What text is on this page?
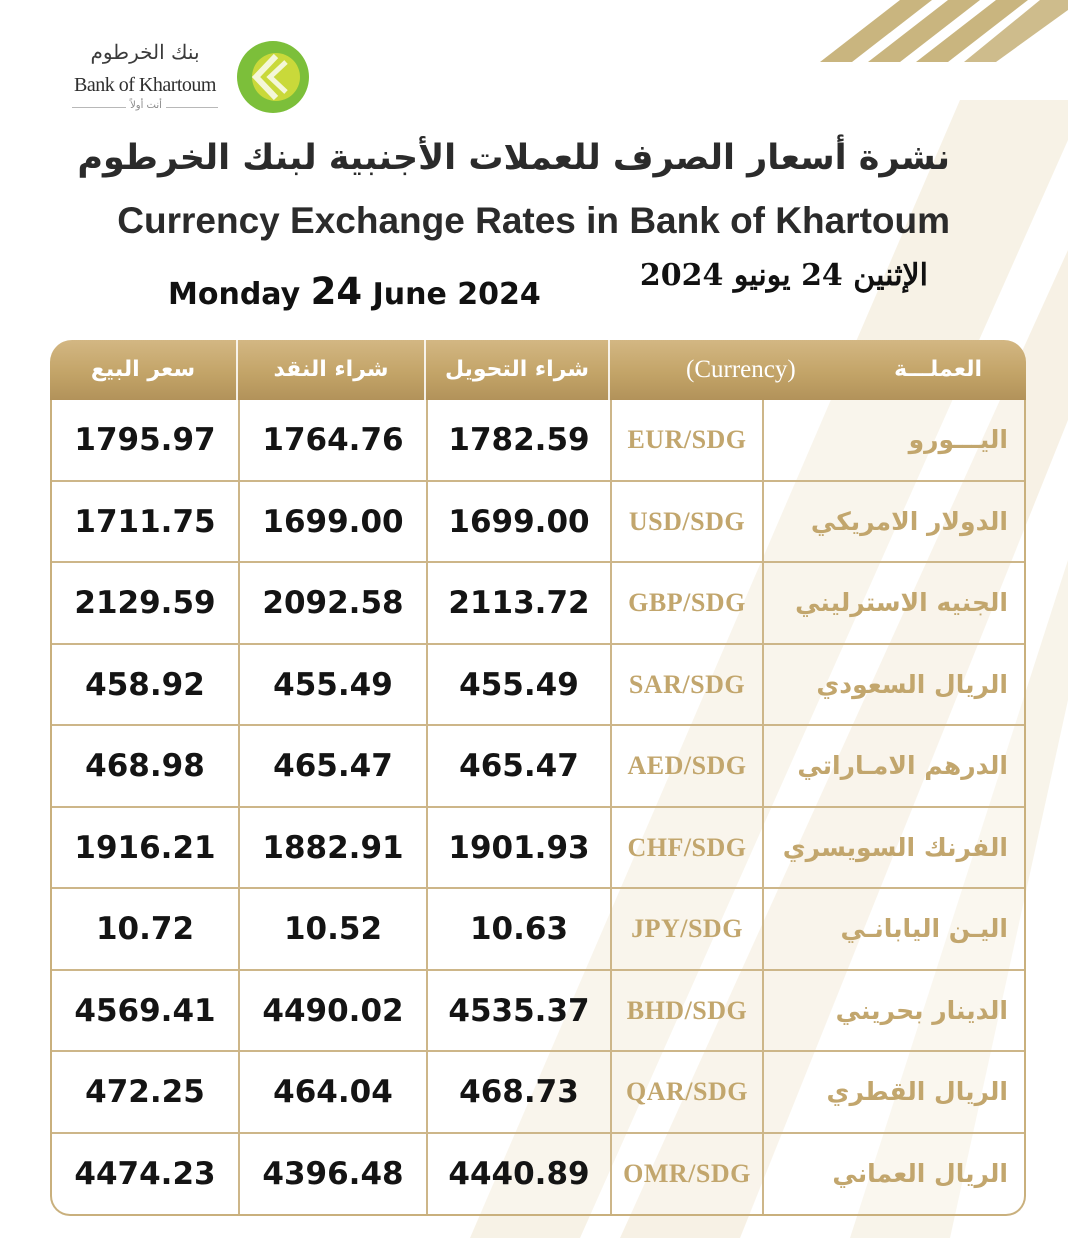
بنك الخرطوم
Bank of Khartoum
أنت أولاً
نشرة أسعار الصرف للعملات الأجنبية لبنك الخرطوم
Currency Exchange Rates in Bank of Khartoum
Monday 24 June 2024
الإثنين 24 يونيو 2024
سعر البيع	شراء النقد	شراء التحويل	(Currency)	العملـــة
1795.97	1764.76	1782.59	EUR/SDG	اليـــورو
1711.75	1699.00	1699.00	USD/SDG	الدولار الامريكي
2129.59	2092.58	2113.72	GBP/SDG	الجنيه الاسترليني
458.92	455.49	455.49	SAR/SDG	الريال السعودي
468.98	465.47	465.47	AED/SDG	الدرهم الامـاراتي
1916.21	1882.91	1901.93	CHF/SDG	الفرنك السويسري
10.72	10.52	10.63	JPY/SDG	اليـن اليابانـي
4569.41	4490.02	4535.37	BHD/SDG	الدينار بحريني
472.25	464.04	468.73	QAR/SDG	الريال القطري
4474.23	4396.48	4440.89	OMR/SDG	الريال العماني
